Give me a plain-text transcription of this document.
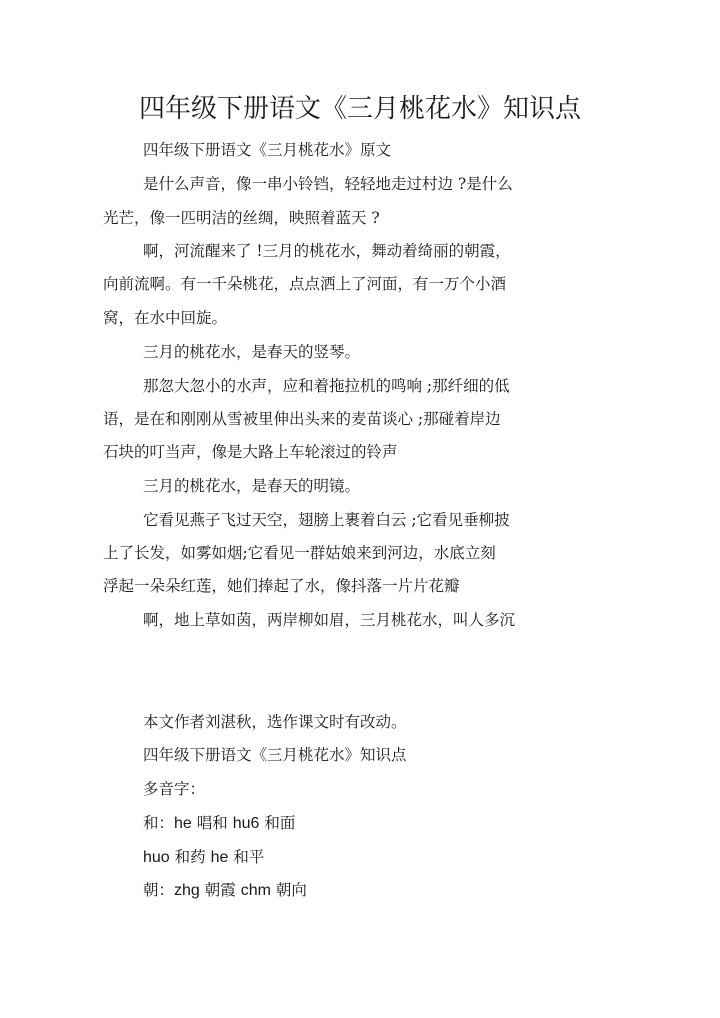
四年级下册语文《三月桃花水》知识点
四年级下册语文《三月桃花水》原文
是什么声音，像一串小铃铛，轻轻地走过村边 ?是什么
光芒，像一匹明洁的丝绸，映照着蓝天 ?
啊，河流醒来了 !三月的桃花水，舞动着绮丽的朝霞，
向前流啊。有一千朵桃花，点点洒上了河面，有一万个小酒
窝，在水中回旋。
三月的桃花水，是春天的竖琴。
那忽大忽小的水声，应和着拖拉机的鸣响 ;那纤细的低
语，是在和刚刚从雪被里伸出头来的麦苗谈心 ;那碰着岸边
石块的叮当声，像是大路上车轮滚过的铃声
三月的桃花水，是春天的明镜。
它看见燕子飞过天空，翅膀上裹着白云 ;它看见垂柳披
上了长发，如雾如烟;它看见一群姑娘来到河边，水底立刻
浮起一朵朵红莲，她们捧起了水，像抖落一片片花瓣
啊，地上草如茵，两岸柳如眉，三月桃花水，叫人多沉
本文作者刘湛秋，选作课文时有改动。
四年级下册语文《三月桃花水》知识点
多音字：
和：he 唱和 hu6 和面
huo 和药 he 和平
朝：zhg 朝霞 chm 朝向
